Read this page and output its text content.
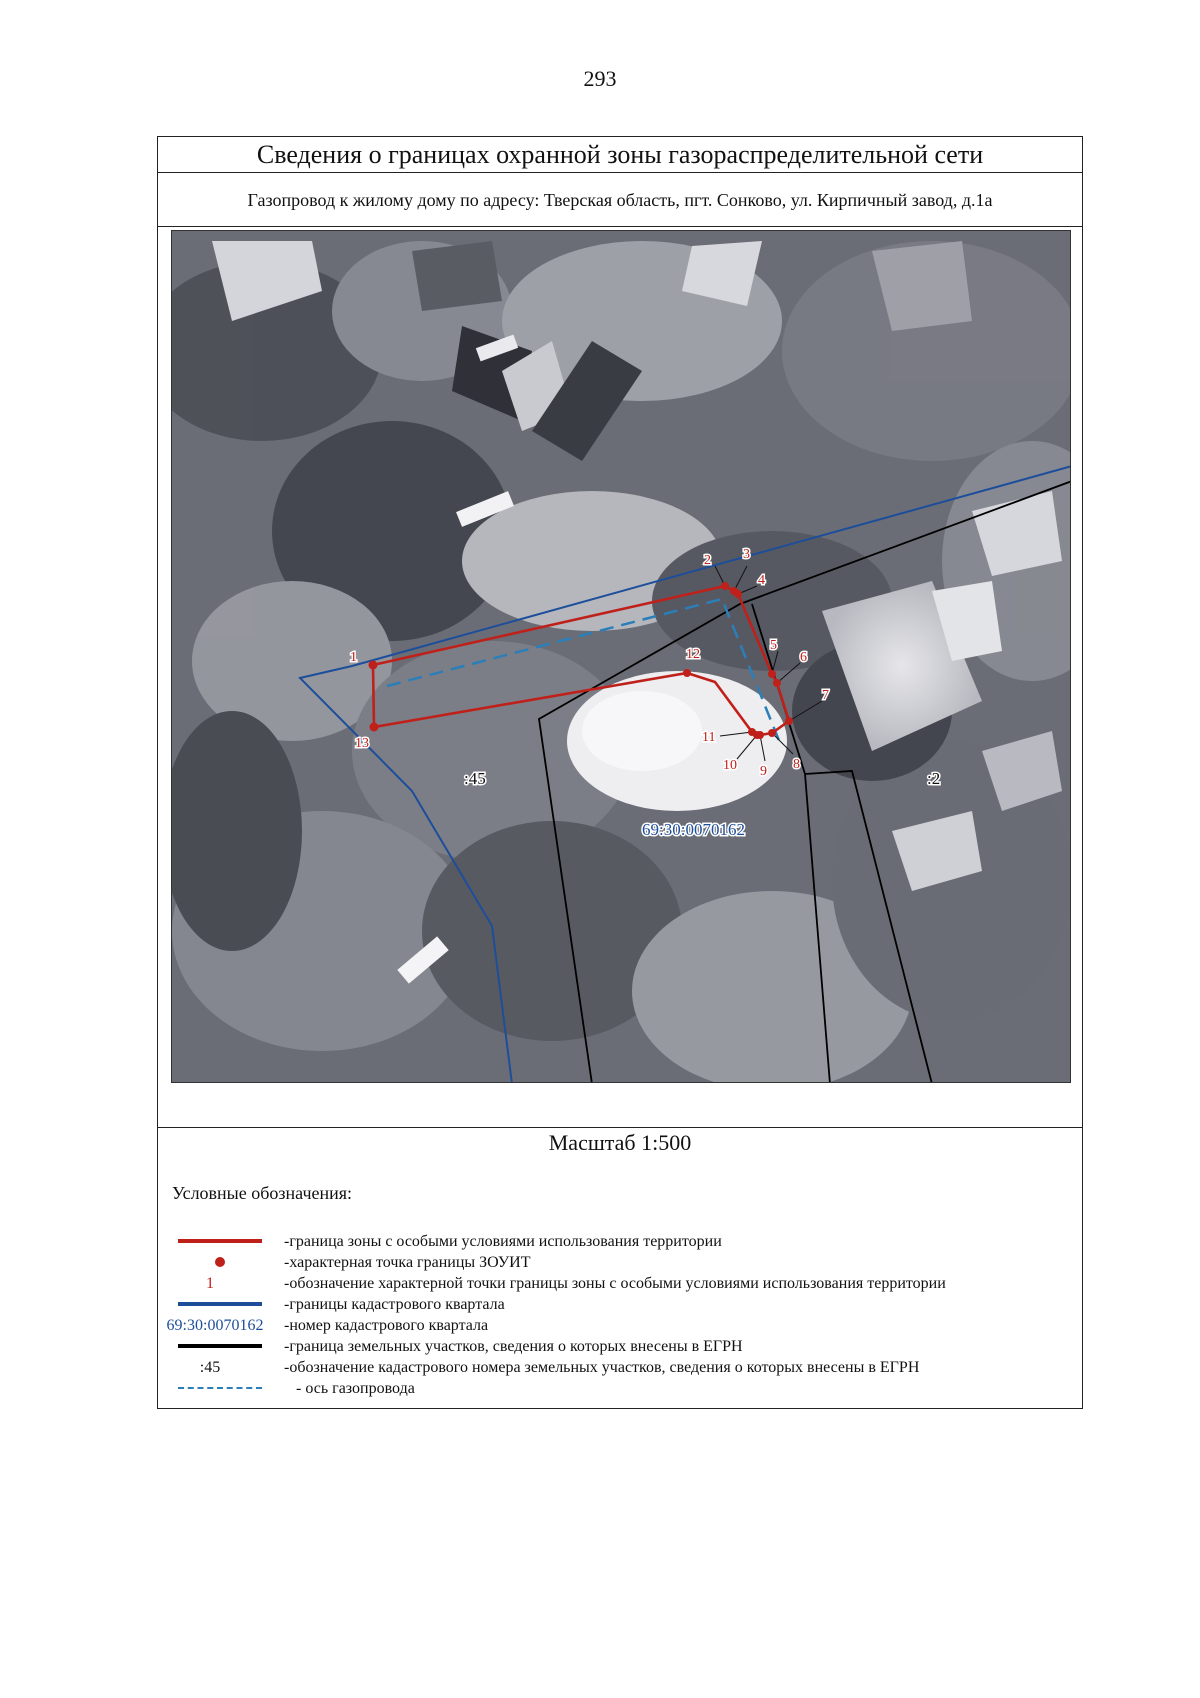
293
Сведения о границах охранной зоны газораспределительной сети
Газопровод к жилому дому по адресу: Тверская область, пгт. Сонково, ул. Кирпичный завод, д.1а
1
2 3
4
5
6
7
8
9
10
11
12
13
:45	:2
69:30:0070162
Масштаб 1:500
Условные обозначения:
-граница зоны с особыми условиями использования территории
-характерная точка границы ЗОУИТ
1	-обозначение характерной точки границы зоны с особыми условиями использования территории
-границы кадастрового квартала
69:30:0070162	-номер кадастрового квартала
-граница земельных участков, сведения о которых внесены в ЕГРН
:45	-обозначение кадастрового номера земельных участков, сведения о которых внесены в ЕГРН
- ось газопровода
